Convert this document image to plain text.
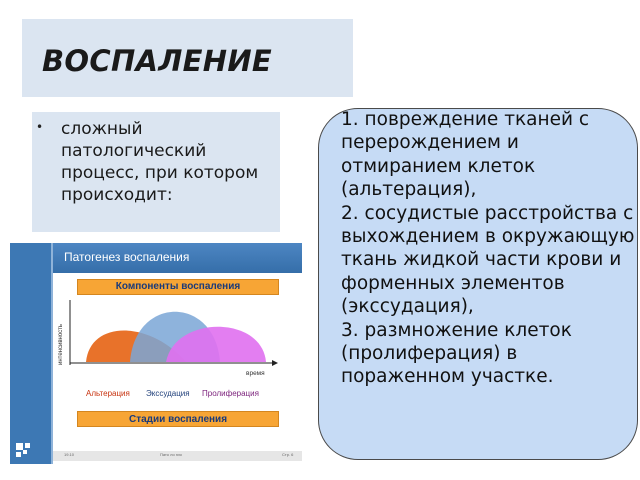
ВОСПАЛЕНИЕ
• сложный патологический процесс, при котором происходит:
1. повреждение тканей с перерождением и отмиранием клеток (альтерация),
2. сосудистые расстройства с выхождением в окружающую ткань жидкой части крови и форменных элементов (экссудация),
3. размножение клеток (пролиферация) в пораженном участке.
Патогенез воспаления
Компоненты воспаления
интенсивность
время
Альтерация Экссудация Пролиферация
Стадии воспаления
19.10	Пато ло гия	Стр. 6
